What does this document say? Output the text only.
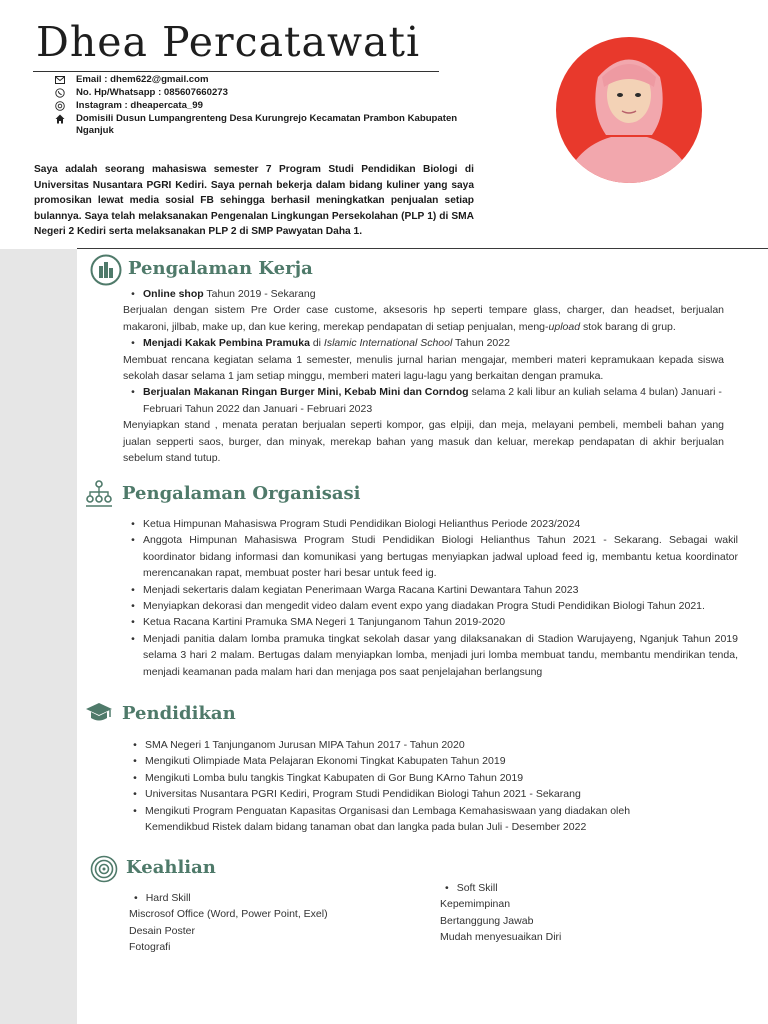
Dhea Percatawati
Email : dhem622@gmail.com
No. Hp/Whatsapp : 085607660273
Instagram : dheapercata_99
Domisili Dusun Lumpangrenteng Desa Kurungrejo Kecamatan Prambon Kabupaten Nganjuk
Saya adalah seorang mahasiswa semester 7 Program Studi Pendidikan Biologi di Universitas Nusantara PGRI Kediri. Saya pernah bekerja dalam bidang kuliner yang saya promosikan lewat media sosial FB sehingga berhasil meningkatkan penjualan setiap bulannya. Saya telah melaksanakan Pengenalan Lingkungan Persekolahan (PLP 1) di SMA Negeri 2 Kediri serta melaksanakan PLP 2 di SMP Pawyatan Daha 1.
Pengalaman Kerja
• Online shop Tahun 2019 - Sekarang
Berjualan dengan sistem Pre Order case custome, aksesoris hp seperti tempare glass, charger, dan headset, berjualan makaroni, jilbab, make up, dan kue kering, merekap pendapatan di setiap penjualan, meng-upload stok barang di grup.
• Menjadi Kakak Pembina Pramuka di Islamic International School Tahun 2022
Membuat rencana kegiatan selama 1 semester, menulis jurnal harian mengajar, memberi materi kepramukaan kepada siswa sekolah dasar selama 1 jam setiap minggu, memberi materi lagu-lagu yang berkaitan dengan pramuka.
• Berjualan Makanan Ringan Burger Mini, Kebab Mini dan Corndog selama 2 kali libur an kuliah selama 4 bulan) Januari - Februari Tahun 2022 dan Januari - Februari 2023
Menyiapkan stand , menata peratan berjualan seperti kompor, gas elpiji, dan meja, melayani pembeli, membeli bahan yang jualan sepperti saos, burger, dan minyak, merekap bahan yang masuk dan keluar, merekap pendapatan di akhir berjualan sebelum stand tutup.
Pengalaman Organisasi
• Ketua Himpunan Mahasiswa Program Studi Pendidikan Biologi Helianthus Periode 2023/2024
• Anggota Himpunan Mahasiswa Program Studi Pendidikan Biologi Helianthus Tahun 2021 - Sekarang. Sebagai wakil koordinator bidang informasi dan komunikasi yang bertugas menyiapkan jadwal upload feed ig, membantu ketua koordinator merencanakan rapat, membuat poster hari besar untuk feed ig.
• Menjadi sekertaris dalam kegiatan Penerimaan Warga Racana Kartini Dewantara Tahun 2023
• Menyiapkan dekorasi dan mengedit video dalam event expo yang diadakan Progra Studi Pendidikan Biologi Tahun 2021.
• Ketua Racana Kartini Pramuka SMA Negeri 1 Tanjunganom Tahun 2019-2020
• Menjadi panitia dalam lomba pramuka tingkat sekolah dasar yang dilaksanakan di Stadion Warujayeng, Nganjuk Tahun 2019 selama 3 hari 2 malam. Bertugas dalam menyiapkan lomba, menjadi juri lomba membuat tandu, membantu mendirikan tenda, menjadi keamanan pada malam hari dan menjaga pos saat penjelajahan berlangsung
Pendidikan
• SMA Negeri 1 Tanjunganom Jurusan MIPA Tahun 2017 - Tahun 2020
• Mengikuti Olimpiade Mata Pelajaran Ekonomi Tingkat Kabupaten Tahun 2019
• Mengikuti Lomba bulu tangkis Tingkat Kabupaten di Gor Bung KArno Tahun 2019
• Universitas Nusantara PGRI Kediri, Program Studi Pendidikan Biologi Tahun 2021 - Sekarang
• Mengikuti Program Penguatan Kapasitas Organisasi dan Lembaga Kemahasiswaan yang diadakan oleh Kemendikbud Ristek dalam bidang tanaman obat dan langka pada bulan Juli - Desember 2022
Keahlian
• Hard Skill
Miscrosof Office (Word, Power Point, Exel)
Desain Poster
Fotografi
• Soft Skill
Kepemimpinan
Bertanggung Jawab
Mudah menyesuaikan Diri
